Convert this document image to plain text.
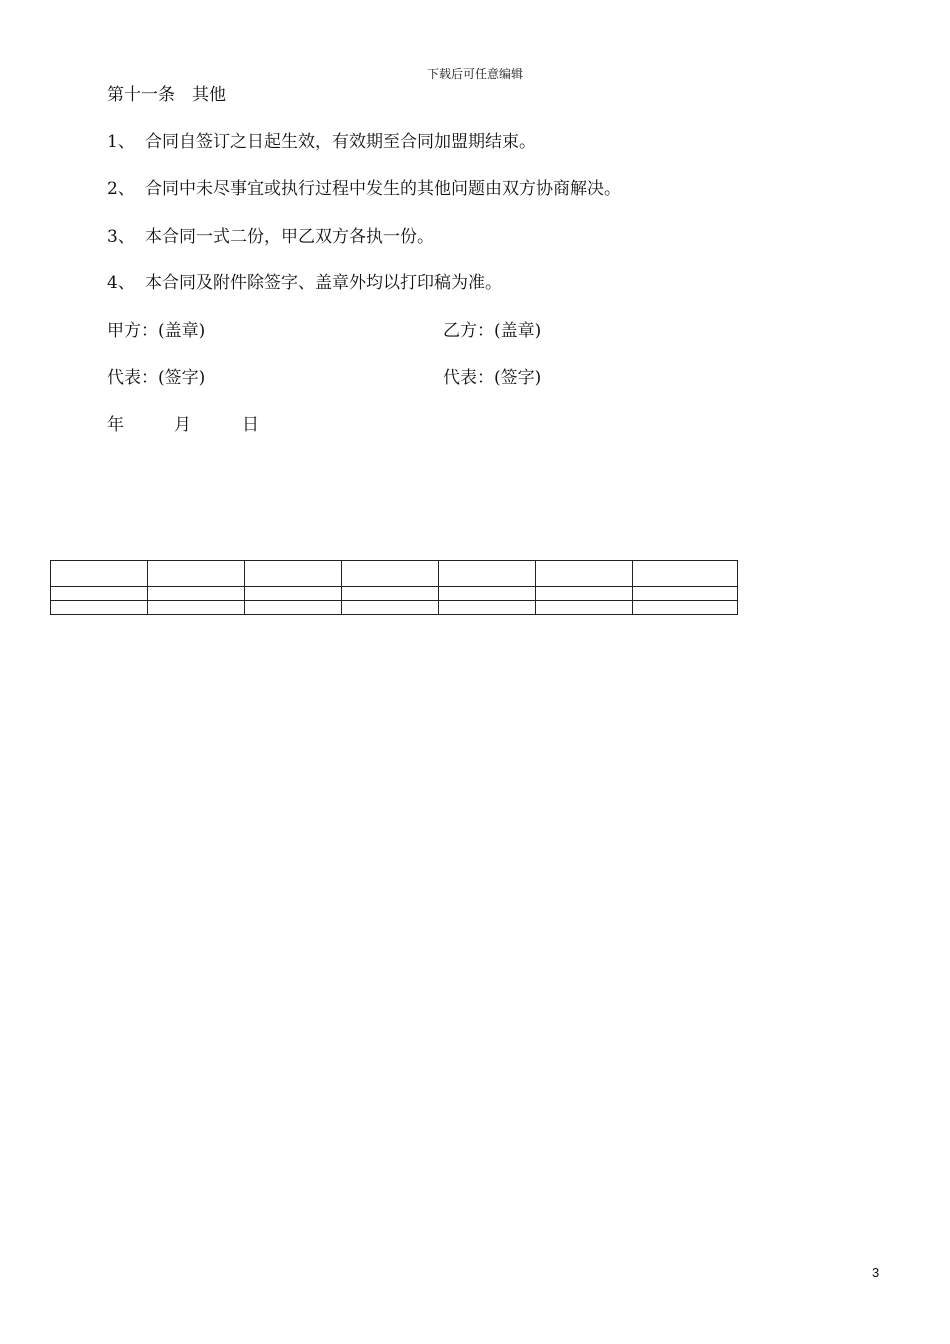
下载后可任意编辑
第十一条　 其他
1、 合同自签订之日起生效，有效期至合同加盟期结束。
2、 合同中未尽事宜或执行过程中发生的其他问题由双方协商解决。
3、 本合同一式二份，甲乙双方各执一份。
4、 本合同及附件除签字、盖章外均以打印稿为准。
甲方：(盖章)	乙方：(盖章)
代表：(签字)	代表：(签字)
年	月	日

3
